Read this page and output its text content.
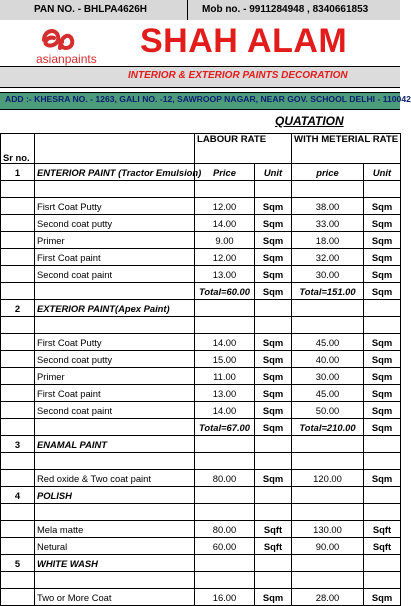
PAN NO. - BHLPA4626H	Mob no. - 9911284948 , 8340661853
asianpaints SHAH ALAM
INTERIOR & EXTERIOR PAINTS DECORATION
ADD :- KHESRA NO. - 1263, GALI NO. -12, SAWROOP NAGAR, NEAR GOV. SCHOOL DELHI - 110042
QUATATION
Sr no.		LABOUR RATE		WITH METERIAL RATE	
1	ENTERIOR PAINT (Tractor Emulsion)	Price	Unit	price	Unit

	Fisrt Coat Putty	12.00	Sqm	38.00	Sqm
	Second coat putty	14.00	Sqm	33.00	Sqm
	Primer	9.00	Sqm	18.00	Sqm
	First Coat paint	12.00	Sqm	32.00	Sqm
	Second coat paint	13.00	Sqm	30.00	Sqm
		Total=60.00	Sqm	Total=151.00	Sqm
2	EXTERIOR PAINT(Apex Paint)				

	First Coat Putty	14.00	Sqm	45.00	Sqm
	Second coat putty	15.00	Sqm	40.00	Sqm
	Primer	11.00	Sqm	30.00	Sqm
	First Coat paint	13.00	Sqm	45.00	Sqm
	Second coat paint	14.00	Sqm	50.00	Sqm
		Total=67.00	Sqm	Total=210.00	Sqm
3	ENAMAL PAINT				

	Red oxide & Two coat paint	80.00	Sqm	120.00	Sqm
4	POLISH				

	Mela matte	80.00	Sqft	130.00	Sqft
	Netural	60.00	Sqft	90.00	Sqft
5	WHITE WASH				

	Two or More Coat	16.00	Sqm	28.00	Sqm
